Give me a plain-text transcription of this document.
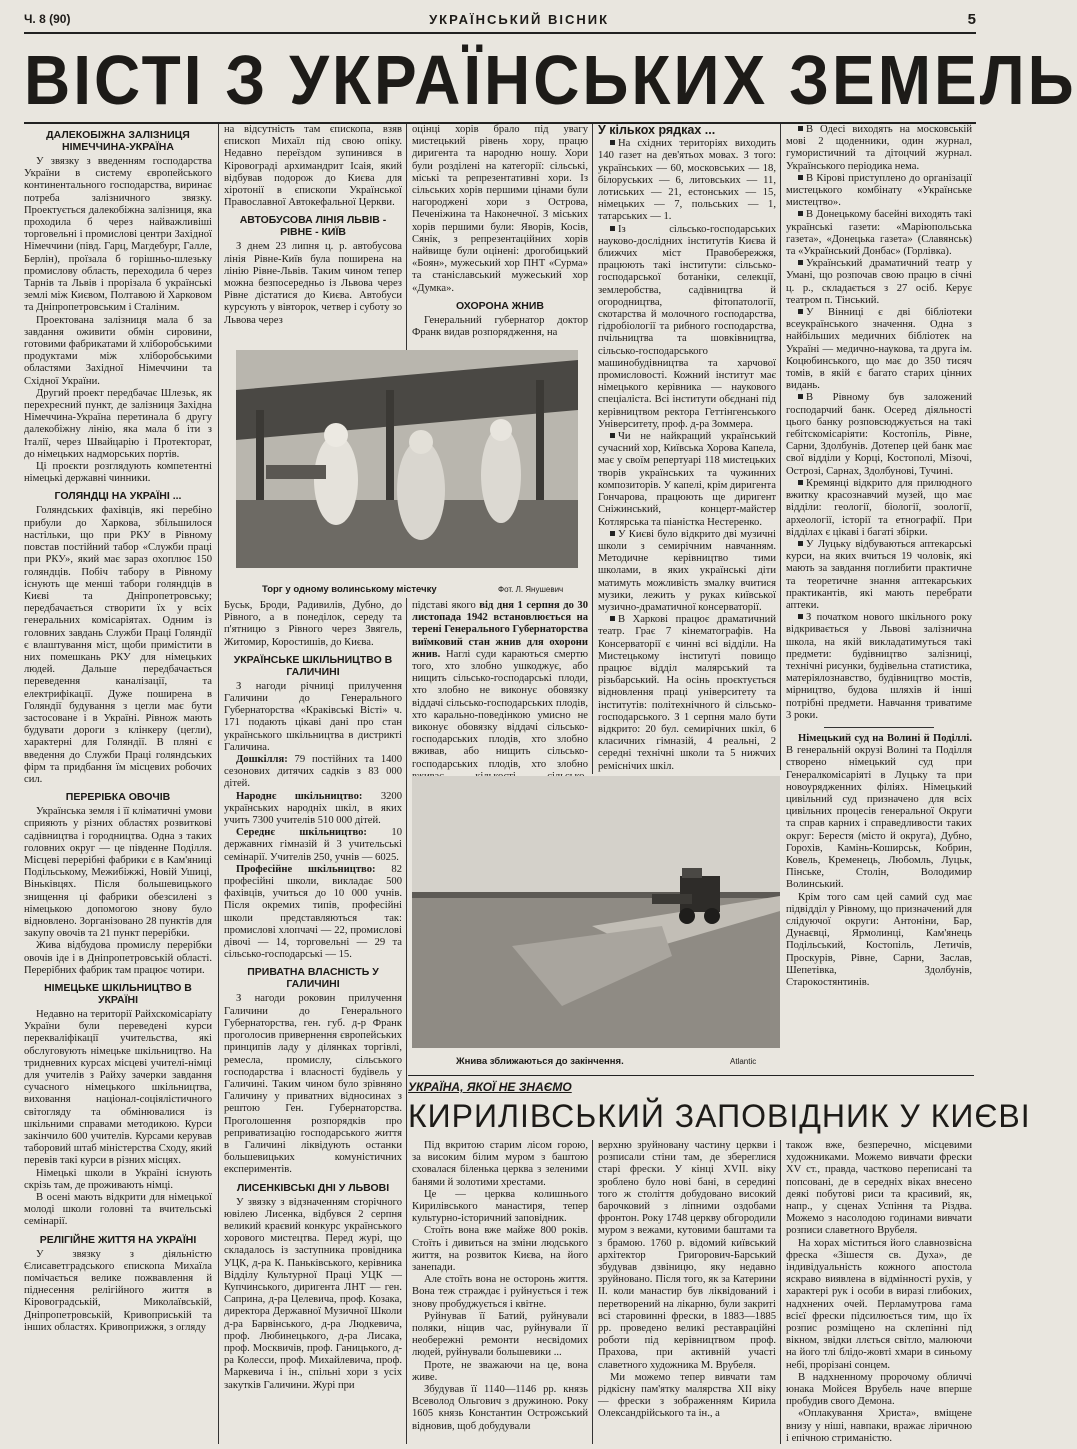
Ч. 8 (90)	УКРАЇНСЬКИЙ ВІСНИК	5
ВІСТІ З УКРАЇНСЬКИХ ЗЕМЕЛЬ
ДАЛЕКОБІЖНА ЗАЛІЗНИЦЯ НІМЕЧЧИНА-УКРАЇНА

У звязку з введенням господарства України в систему європейського континентального господарства, виринає потреба залізничного звязку. Проектується далекобіжна залізниця, яка проходила б через найважливіші торговельні і промислові центри Західної Німеччини (півд. Гарц, Магдебург, Галле, Берлін), проїзала б горішньо-шлезьку промислову область, переходила б через Тарнів та Львів і прорізала б українські землі між Києвом, Полтавою й Харковом та Дніпропетровським і Сталіним.

Проектована залізниця мала б за завдання оживити обмін сировини, готовими фабрикатами й хліборобськими продуктами між хліборобськими областями Західної Німеччини та Східної України.

Другий проект передбачає Шлезьк, як перехресний пункт, де залізниця Західна Німеччина-Україна перетинала б другу далекобіжну лінію, яка мала б іти з Італії, через Швайцарію і Протекторат, до німецьких надморських портів.

Ці проєкти розглядують компетентні німецькі державні чинники.

ГОЛЯНДЦІ НА УКРАЇНІ ...

Голяндських фахівців, які перебіно прибули до Харкова, збільшилося настільки, що при РКУ в Рівному повстав постійний табор «Служби праці при РКУ», який має зараз охоплює 150 голяндців. Побіч табору в Рівному існують ще менші табори голяндців в Києві та Дніпропетровську; передбачається створити їх у всіх генеральних комісаріятах. Одним із головних завдань Служби Праці Голяндії є влаштування міст, щоби примістити в них помешкань РКУ для німецьких людей. Дальше передбачається переведення каналізації, та електрифікації. Дуже поширена в Голяндії будування з цегли має бути застосоване і в Україні. Рівнож мають будувати дороги з клінкеру (цегли), характерні для Голяндії. В пляні є введення до Служби Праці голяндських фірм та придбання їм місцевих робочих сил.

ПЕРЕРІБКА ОВОЧІВ

Українська земля і її кліматичні умови сприяють у різних областях розвиткові садівництва і городництва. Одна з таких головних округ — це південне Поділля. Місцеві перерібні фабрики є в Кам'яниці Подільському, Межибіжжі, Новій Ушиці, Віньківцях. Після большевицького знищення ці фабрики обезсилені з німецькою допомогою знову було відновлено. Зорганізовано 28 пунктів для закупу овочів та 21 пункт перерібки.

Жива відбудова промислу перерібки овочів іде і в Дніпропетровській області. Перерібних фабрик там працює чотири.

НІМЕЦЬКЕ ШКІЛЬНИЦТВО В УКРАЇНІ

Недавно на території Райхскомісаріату України були переведені курси перекваліфікації учительства, які обслуговують німецьке шкільництво. На тридневних курсах місцеві учителі-німці для учителів з Райху зачерки завдання сучасного німецького шкільництва, виховання націонал-соціялістичного світогляду та обмінювалися із шкільними справами методикою. Курси закінчило 600 учителів. Курсами керував таборовий штаб міністерства Сходу, який перевів такі курси в різних місцях.

Німецькі школи в Україні існують скрізь там, де проживають німці.

В осені мають відкрити для німецької молоді школи головні та вчительські семінарії.

РЕЛІГІЙНЕ ЖИТТЯ НА УКРАЇНІ

У звязку з діяльністю Єлисаветградського єпископа Михаїла помічається велике пожвавлення й піднесення релігійного життя в Кіровоградській, Миколаївській, Дніпропетровській, Кривоприській та інших областях. Кривоприжжя, з огляду

на відсутність там єпископа, взяв єпископ Михаїл під свою опіку. Недавно переїздом зупинився в Кіровограді архимандрит Ісаія, який відбував подорож до Києва для хіротонії в єпископи Української Православної Автокефальної Церкви.

АВТОБУСОВА ЛІНІЯ ЛЬВІВ - РІВНЕ - КИЇВ

З днем 23 липня ц. р. автобусова лінія Рівне-Київ була поширена на лінію Рівне-Львів. Таким чином тепер можна безпосередньо із Львова через Рівне дістатися до Києва. Автобуси курсують у вівторок, четвер і суботу зо Львова через

оцінці хорів брало під увагу мистецький рівень хору, працю диригента та народню ношу. Хори були розділені на категорії: сільські, міські та репрезентативні хори. Із сільських хорів першими цінами були нагороджені хори з Острова, Печеніжина та Наконечної. З міських хорів першими були: Яворів, Косів, Сянік, з репрезентаційних хорів найвище були оцінені: дрогобицький «Боян», мужеський хор ПНТ «Сурма» та станіславський мужеський хор «Думка».

ОХОРОНА ЖНИВ

Генеральний губернатор доктор Франк видав розпорядження, на

Торг у одному волинському містечку	Фот. Л. Янушевич

Буськ, Броди, Радивилів, Дубно, до Рівного, а в понеділок, середу та п'ятницю з Рівного через Звягель, Житомир, Коростишів, до Києва.

УКРАЇНСЬКЕ ШКІЛЬНИЦТВО В ГАЛИЧИНІ

З нагоди річниці прилучення Галичини до Генерального Губернаторства «Краківські Вісті» ч. 171 подають цікаві дані про стан українського шкільництва в дистрикті Галичина.

Дошкілля: 79 постійних та 1400 сезонових дитячих садків з 83 000 дітей.

Народнє шкільництво: 3200 українських народніх шкіл, в яких учить 7300 учителів 510 000 дітей.

Середнє шкільництво: 10 державних гімназій й 3 учительські семінарії. Учителів 250, учнів — 6025.

Професійне шкільництво: 82 професійні школи, викладає 500 фахівців, учиться до 10 000 учнів. Після окремих типів, професійні школи представляються так: промислові хлопчачі — 22, промислові дівочі — 14, торговельні — 29 та сільсько-господарські — 15.

ПРИВАТНА ВЛАСНІСТЬ У ГАЛИЧИНІ

З нагоди роковин прилучення Галичини до Генерального Губернаторства, ген. губ. д-р Франк проголосив привернення європейських принципів ладу у ділянках торгівлі, ремесла, промислу, сільського господарства і власності будівель у Галичині. Таким чином було зрівняно Галичину у приватних відносинах з рештою Ген. Губернаторства. Проголошення розпорядків про реприватизацію господарського життя в Галичині ліквідують останки большевицьких комуністичних експериментів.

ЛИСЕНКІВСЬКІ ДНІ У ЛЬВОВІ

У звязку з відзначенням сторічного ювілею Лисенка, відбувся 2 серпня великий краєвий конкурс українського хорового мистецтва. Перед журі, що складалось із заступника провідника УЦК, д-ра К. Паньківського, керівника Відділу Культурної Праці УЦК — Купчинського, диригента ЛНТ — ген. Саприна, д-ра Целевича, проф. Козака, директора Державної Музичної Школи д-ра Барвінського, д-ра Людкевича, проф. Любинецького, д-ра Лисака, проф. Москвичів, проф. Ганицького, д-ра Колесси, проф. Михайлевича, проф. Маркевича і ін., спільні хори з усіх закутків Галичини. Журі при

підставі якого від дня 1 серпня до 30 листопада 1942 встановлюється на терені Генерального Губернаторства виїмковий стан жнив для охорони жнив. Наглі суди караються смертю того, хто злобно ушкоджує, або нищить сільсько-господарські плоди, хто злобно не виконує обовязку віддачі сільсько-господарських плодів, хто карально-поведінкою умисно не виконує обовязку віддачі сільсько-господарських плодів, хто злобно вживав, або нищить сільсько-господарських плодів, хто злобно

У кількох рядках ...

На східних територіях виходить 140 газет на дев'ятьох мовах. З того: українських — 60, московських — 18, білоруських — 6, литовських — 11, лотиських — 21, естонських — 15, німецьких — 7, польських — 1, татарських — 1.

Із сільсько-господарських науково-дослідних інститутів Києва й ближчих міст Правобережжя, працюють такі інститути: сільсько-господарської ботаніки, селекції, землеробства, садівництва й огородництва, фітопатології, скотарства й молочного господарства, гідробіології та рибного господарства, пчільництва та шовківництва, сільсько-господарського машинобудівництва та харчової промисловості. Кожний інститут має німецького керівника — наукового спеціаліста. Всі інститути обєднані під керівництвом ректора Геттінгенського Університету, проф. д-ра Зоммера.

Чи не найкращий український сучасний хор, Київська Хорова Капела, має у своїм репертуарі 118 мистецьких творів українських та чужинних композиторів. У капелі, крім диригента Гончарова, працюють ще диригент Сніжинський, концерт-майстер Котлярська та піаністка Нестеренко.

У Києві було відкрито дві музичні школи з семирічним навчанням. Методичне керівництво тими школами, в яких українські діти матимуть можливість змалку вчитися музики, лежить у руках київської музично-драматичної консерваторії.

В Харкові працює драматичний театр. Грає 7 кінематографів. На Консерваторії є чинні всі відділи. На Мистецькому інституті повищо працює відділ малярський та різьбарський. На осінь проєктується відновлення праці університету та інститутів: політехнічного й сільсько-господарського. З 1 серпня мало бути відкрито: 20 бул. семирічних шкіл, 6 класичних гімназій, 4 реальні, 2 середні технічні школи та 5 нижчих реміснічих шкіл.

В Одесі виходять на московській мові 2 щоденники, один журнал, гумористичний та дітоцчий журнал. Українського періодика нема.

В Кірові приступлено до організації мистецького комбінату «Українське мистецтво».

В Донецькому басейні виходять такі українські газети: «Маріюпольська газета», «Донецька газета» (Славянськ) та «Український Донбас» (Горлівка).

Український драматичний театр у Умані, що розпочав свою працю в січні ц. р., складається з 27 осіб. Керує театром п. Тінський.

У Вінниці є дві бібліотеки всеукраїнського значення. Одна з найбільших медичних бібліотек на Україні — медично-наукова, та друга ім. Коцюбинського, що має до 350 тисяч томів, в якій є багато старих цінних видань.

В Рівному був заложений господарчий банк. Осеред діяльності цього банку розповсюджується на такі гебітскомісаріяти: Костопіль, Рівне, Сарни, Здолбунів. Дотепер цей банк має свої відділи у Корці, Костополі, Мізочі, Острозі, Сарнах, Здолбунові, Тучині.

Кремянці відкрито для прилюдного вжитку красознавчий музей, що має відділи: геології, біології, зоології, археології, історії та етнографії. При відділах є цікаві і багаті збірки.

У Луцьку відбуваються аптекарські курси, на яких вчиться 19 чоловік, які мають за завдання поглибити практичне та теоретичне знання аптекарських практикантів, які мають перебрати аптеки.

З початком нового шкільного року відкривається у Львові залізнична школа, на якій викладатимуться такі предмети: будівництво залізниці, технічні рисунки, будівельна статистика, матеріялознавство, будівництво мостів, мірництво, будова шляхів й інші потрібні предмети. Навчання триватиме 3 роки.

Німецький суд на Волині й Поділлі. В генеральній окрузі Волині та Поділля створено німецький суд при Генералкомісаріяті в Луцьку та при новоурядженних філіях. Німецький цивільний суд призначено для всіх цивільних процесів генеральної Округи та справ карних і справедливости таких округ: Берестя (місто й округа), Дубно, Горохів, Камінь-Коширськ, Кобрин, Ковель, Кременець, Любомль, Луцьк, Пінське, Столін, Володимир Волинський.

Крім того сам цей самий суд має підвідділ у Рівному, що призначений для слідуючої округи: Антоніни, Бар, Дунаєвці, Ярмолинці, Кам'янець Подільський, Костопіль, Летичів, Проскурів, Рівне, Сарни, Заслав, Шепетівка, Здолбунів, Старокостянтинів.

Жнива зближаються до закінчення.	Atlantic
УКРАЇНА, ЯКОЇ НЕ ЗНАЄМО
КИРИЛІВСЬКИЙ ЗАПОВІДНИК У КИЄВІ

Під вкритою старим лісом горою, за високим білим муром з баштою сховалася біленька церква з зеленими банями й золотими хрестами.

Це — церква колишнього Кирилівського манастиря, тепер культурно-історичний заповідник.

Стоїть вона вже майже 800 років. Стоїть і дивиться на зміни людського життя, на розвиток Києва, на його занепади.

Але стоїть вона не осторонь життя. Вона теж страждає і руйнується і теж знову пробуджується і квітне.

Руйнував її Батий, руйнували поляки, ніщив час, руйнували її необережні ремонти несвідомих людей, руйнували большевики ...

Проте, не зважаючи на це, вона живе.

Збудував її 1140—1146 pp. князь Всеволод Ольгович з дружиною. Року 1605 князь Константин Острожський відновив, щоб добудували

верхню зруйновану частину церкви і розписали стіни там, де збереглися старі фрески. У кінці XVII. віку зроблено було нові бані, в середині того ж століття добудовано високий барочковий з ліпними оздобами фронтон. Року 1748 церкву обгородили муром з вежами, кутовими баштами та з брамою. 1760 р. відомий київський архітектор Григорович-Барський збудував дзвіницю, яку недавно зруйновано. Після того, як за Катерини II. коли манастир був ліквідований і перетворений на лікарню, були закриті всі старовинні фрески, в 1883—1885 рр. проведено великі реставраційні роботи під керівництвом проф. Прахова, при активній участі славетного художника М. Врубеля.

Ми можемо тепер вивчати там рідкісну пам'ятку малярства XII віку — фрески з зображенням Кирила Олександрійського та ін., а

також вже, безперечно, місцевими художниками. Можемо вивчати фрески XV ст., правда, частково переписані та попсовані, де в середніх віках внесено деякі побутові риси та красивий, як, напр., у сценах Успіння та Різдва. Можемо з насолодою годинами вивчати розписи славетного Врубеля.

На хорах міститься його славнозвісна фреска «Зішестя св. Духа», де індивідуальність кожного апостола яскраво виявлена в відмінності рухів, у характері рук і особи в виразі глибоких, надхнених очей. Перламутрова гама всієї фрески підсилюється тим, що їх розпис розміщено на склепінні під вікном, звідки ллється світло, малюючи на його тлі блідо-жовті хмари в синьому небі, прорізані сонцем.

В надхненному пророчому обличчі юнака Мойсея Врубель наче вперше пробудив свого Демона.

«Оплакування Христа», вміщене внизу у ніші, навпаки, вражає ліричною і епічною стриманістю.
